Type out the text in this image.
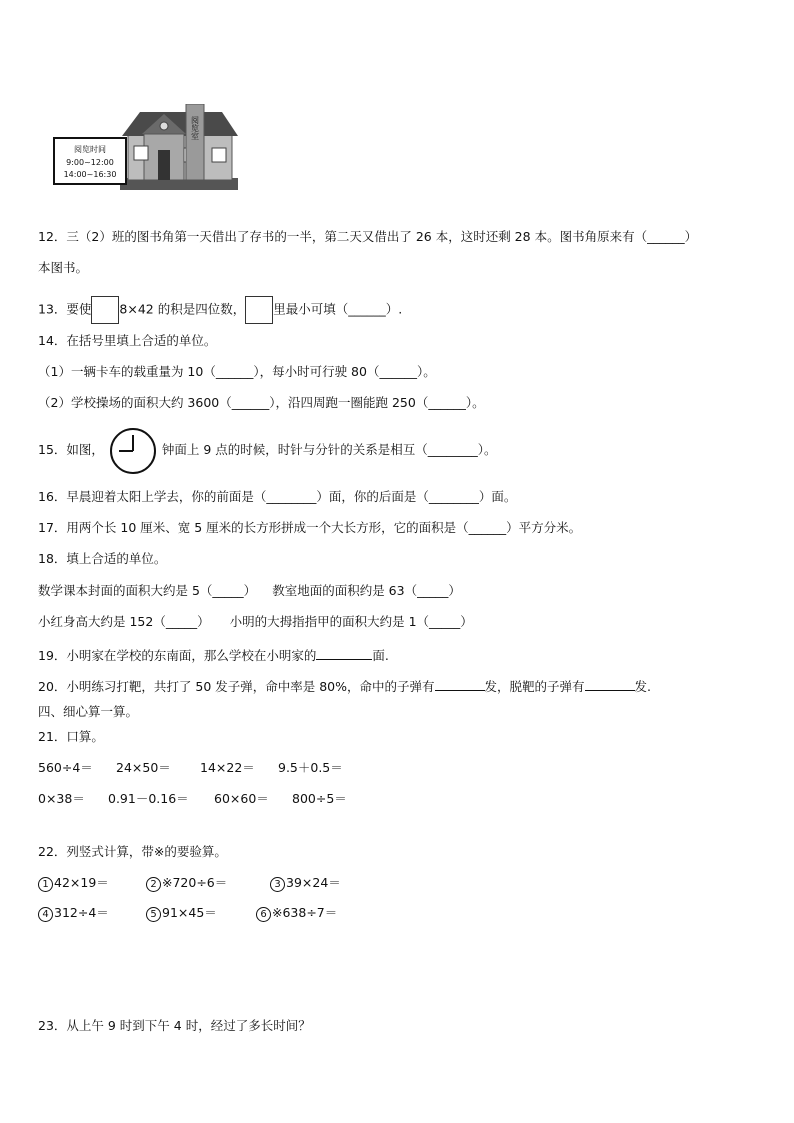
阅览室
阅览时间
9:00~12:00
14:00~16:30
12．三（2）班的图书角第一天借出了存书的一半，第二天又借出了 26 本，这时还剩 28 本。图书角原来有（______）
本图书。
13．要使 8×42 的积是四位数， 里最小可填（______）.
14．在括号里填上合适的单位。
（1）一辆卡车的载重量为 10（______），每小时可行驶 80（______）。
（2）学校操场的面积大约 3600（______），沿四周跑一圈能跑 250（______）。
15．如图，	钟面上 9 点的时候，时针与分针的关系是相互（________）。
16．早晨迎着太阳上学去，你的前面是（________）面，你的后面是（________）面。
17．用两个长 10 厘米、宽 5 厘米的长方形拼成一个大长方形，它的面积是（______）平方分米。
18．填上合适的单位。
数学课本封面的面积大约是 5（_____） 教室地面的面积约是 63（_____）
小红身高大约是 152（_____） 小明的大拇指指甲的面积大约是 1（_____）
19．小明家在学校的东南面，那么学校在小明家的	面.
20．小明练习打靶，共打了 50 发子弹，命中率是 80%，命中的子弹有	发，脱靶的子弹有	发.
四、细心算一算。
21．口算。
560÷4＝ 24×50＝ 14×22＝ 9.5＋0.5＝
0×38＝ 0.91－0.16＝ 60×60＝ 800÷5＝
22．列竖式计算，带※的要验算。
1 42×19＝	2 ※720÷6＝	3 39×24＝
4 312÷4＝	5 91×45＝	6 ※638÷7＝
23．从上午 9 时到下午 4 时，经过了多长时间？
